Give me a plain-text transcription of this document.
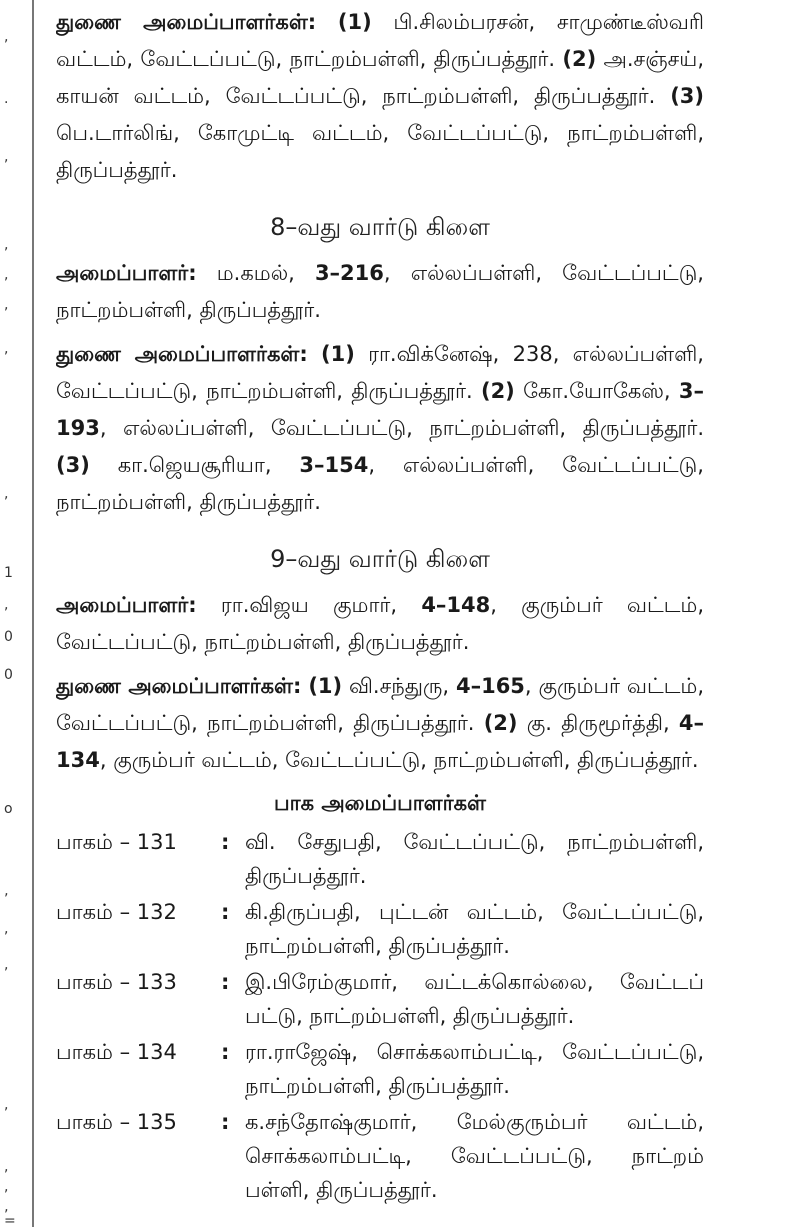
,
.
,
,
,
,
,
,
1
,
0
0
o
‚
,
,
,
,
,
‚
=

துணை அமைப்பாளர்கள்: (1) பி.சிலம்பரசன், சாமுண்டீஸ்வரி வட்டம், வேட்டப்பட்டு, நாட்றம்பள்ளி, திருப்பத்தூர். (2) அ.சஞ்சய், காயன் வட்டம், வேட்டப்பட்டு, நாட்றம்பள்ளி, திருப்பத்தூர். (3) பெ.டார்லிங், கோமுட்டி வட்டம், வேட்டப்பட்டு, நாட்றம்பள்ளி, திருப்பத்தூர்.

8–வது வார்டு கிளை

அமைப்பாளர்: ம.கமல், 3–216, எல்லப்பள்ளி, வேட்டப்பட்டு, நாட்றம்பள்ளி, திருப்பத்தூர்.

துணை அமைப்பாளர்கள்: (1) ரா.விக்னேஷ், 238, எல்லப்பள்ளி, வேட்டப்பட்டு, நாட்றம்பள்ளி, திருப்பத்தூர். (2) கோ.யோகேஸ், 3–193, எல்லப்பள்ளி, வேட்டப்பட்டு, நாட்றம்பள்ளி, திருப்பத்தூர். (3) கா.ஜெயசூரியா, 3–154, எல்லப்பள்ளி, வேட்டப்பட்டு, நாட்றம்பள்ளி, திருப்பத்தூர்.

9–வது வார்டு கிளை

அமைப்பாளர்: ரா.விஜய குமார், 4–148, குரும்பர் வட்டம், வேட்டப்பட்டு, நாட்றம்பள்ளி, திருப்பத்தூர்.

துணை அமைப்பாளர்கள்: (1) வி.சந்துரு, 4–165, குரும்பர் வட்டம், வேட்டப்பட்டு, நாட்றம்பள்ளி, திருப்பத்தூர். (2) கு. திருமூர்த்தி, 4–134, குரும்பர் வட்டம், வேட்டப்பட்டு, நாட்றம்பள்ளி, திருப்பத்தூர்.

பாக அமைப்பாளர்கள்
பாகம் – 131	: வி. சேதுபதி, வேட்டப்பட்டு, நாட்றம்பள்ளி, திருப்பத்தூர்.
பாகம் – 132	: கி.திருப்பதி, புட்டன் வட்டம், வேட்டப்பட்டு, நாட்றம்பள்ளி, திருப்பத்தூர்.
பாகம் – 133	: இ.பிரேம்குமார், வட்டக்கொல்லை, வேட்டப் பட்டு, நாட்றம்பள்ளி, திருப்பத்தூர்.
பாகம் – 134	: ரா.ராஜேஷ், சொக்கலாம்பட்டி, வேட்டப்பட்டு, நாட்றம்பள்ளி, திருப்பத்தூர்.
பாகம் – 135	: க.சந்தோஷ்குமார், மேல்குரும்பர் வட்டம், சொக்கலாம்பட்டி, வேட்டப்பட்டு, நாட்றம் பள்ளி, திருப்பத்தூர்.
